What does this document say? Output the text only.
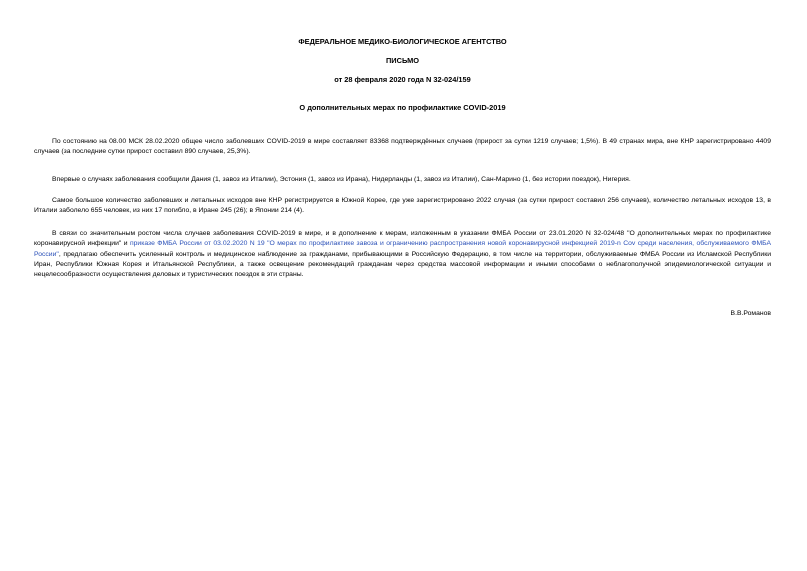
ФЕДЕРАЛЬНОЕ МЕДИКО-БИОЛОГИЧЕСКОЕ АГЕНТСТВО
ПИСЬМО
от 28 февраля 2020 года N 32-024/159
О дополнительных мерах по профилактике COVID-2019

По состоянию на 08.00 МСК 28.02.2020 общее число заболевших COVID-2019 в мире составляет 83368 подтверждённых случаев (прирост за сутки 1219 случаев; 1,5%). В 49 странах мира, вне КНР зарегистрировано 4409 случаев (за последние сутки прирост составил 890 случаев, 25,3%).

Впервые о случаях заболевания сообщили Дания (1, завоз из Италии), Эстония (1, завоз из Ирана), Нидерланды (1, завоз из Италии), Сан-Марино (1, без истории поездок), Нигерия.

Самое большое количество заболевших и летальных исходов вне КНР регистрируется в Южной Корее, где уже зарегистрировано 2022 случая (за сутки прирост составил 256 случаев), количество летальных исходов 13, в Италии заболело 655 человек, из них 17 погибло, в Иране 245 (26); в Японии 214 (4).

В связи со значительным ростом числа случаев заболевания COVID-2019 в мире, и в дополнение к мерам, изложенным в указании ФМБА России от 23.01.2020 N 32-024/48 "О дополнительных мерах по профилактике коронавирусной инфекции" и приказе ФМБА России от 03.02.2020 N 19 "О мерах по профилактике завоза и ограничению распространения новой коронавирусной инфекцией 2019-n Cov среди населения, обслуживаемого ФМБА России", предлагаю обеспечить усиленный контроль и медицинское наблюдение за гражданами, прибывающими в Российскую Федерацию, в том числе на территории, обслуживаемые ФМБА России из Исламской Республики Иран, Республики Южная Корея и Итальянской Республики, а также освещение рекомендаций гражданам через средства массовой информации и иными способами о неблагополучной эпидемиологической ситуации и нецелесообразности осуществления деловых и туристических поездок в эти страны.

В.В.Романов
